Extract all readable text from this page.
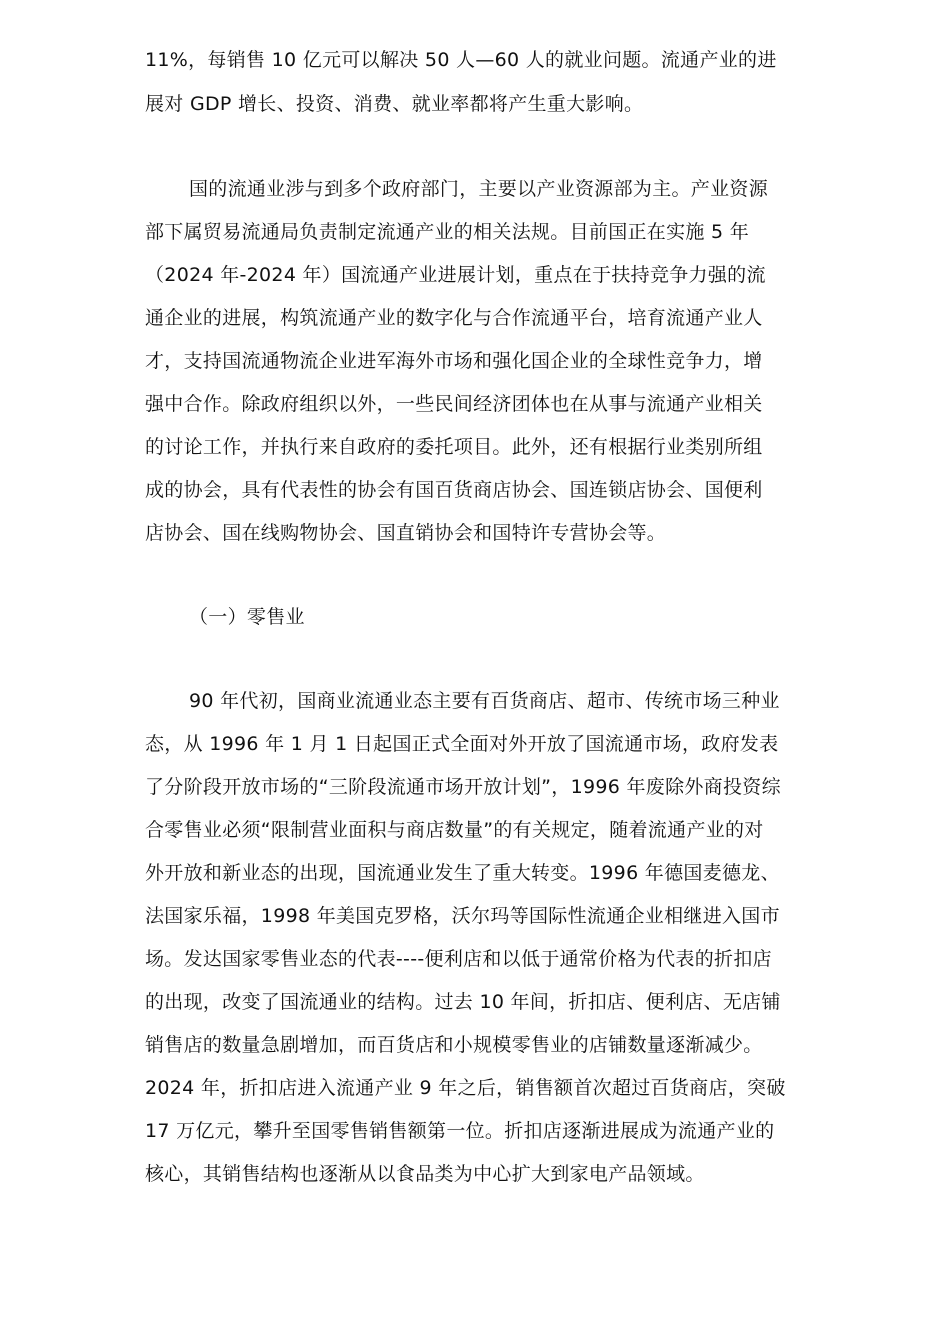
11%，每销售 10 亿元可以解决 50 人—60 人的就业问题。流通产业的进

展对 GDP 增长、投资、消费、就业率都将产生重大影响。

国的流通业涉与到多个政府部门，主要以产业资源部为主。产业资源

部下属贸易流通局负责制定流通产业的相关法规。目前国正在实施 5 年

（2024 年-2024 年）国流通产业进展计划，重点在于扶持竞争力强的流

通企业的进展，构筑流通产业的数字化与合作流通平台，培育流通产业人

才，支持国流通物流企业进军海外市场和强化国企业的全球性竞争力，增

强中合作。除政府组织以外，一些民间经济团体也在从事与流通产业相关

的讨论工作，并执行来自政府的委托项目。此外，还有根据行业类别所组

成的协会，具有代表性的协会有国百货商店协会、国连锁店协会、国便利

店协会、国在线购物协会、国直销协会和国特许专营协会等。

（一）零售业

90 年代初，国商业流通业态主要有百货商店、超市、传统市场三种业

态，从 1996 年 1 月 1 日起国正式全面对外开放了国流通市场，政府发表

了分阶段开放市场的“三阶段流通市场开放计划”，1996 年废除外商投资综

合零售业必须“限制营业面积与商店数量”的有关规定，随着流通产业的对

外开放和新业态的出现，国流通业发生了重大转变。1996 年德国麦德龙、

法国家乐福，1998 年美国克罗格，沃尔玛等国际性流通企业相继进入国市

场。发达国家零售业态的代表----便利店和以低于通常价格为代表的折扣店

的出现，改变了国流通业的结构。过去 10 年间，折扣店、便利店、无店铺

销售店的数量急剧增加，而百货店和小规模零售业的店铺数量逐渐减少。

2024 年，折扣店进入流通产业 9 年之后，销售额首次超过百货商店，突破

17 万亿元，攀升至国零售销售额第一位。折扣店逐渐进展成为流通产业的

核心，其销售结构也逐渐从以食品类为中心扩大到家电产品领域。
